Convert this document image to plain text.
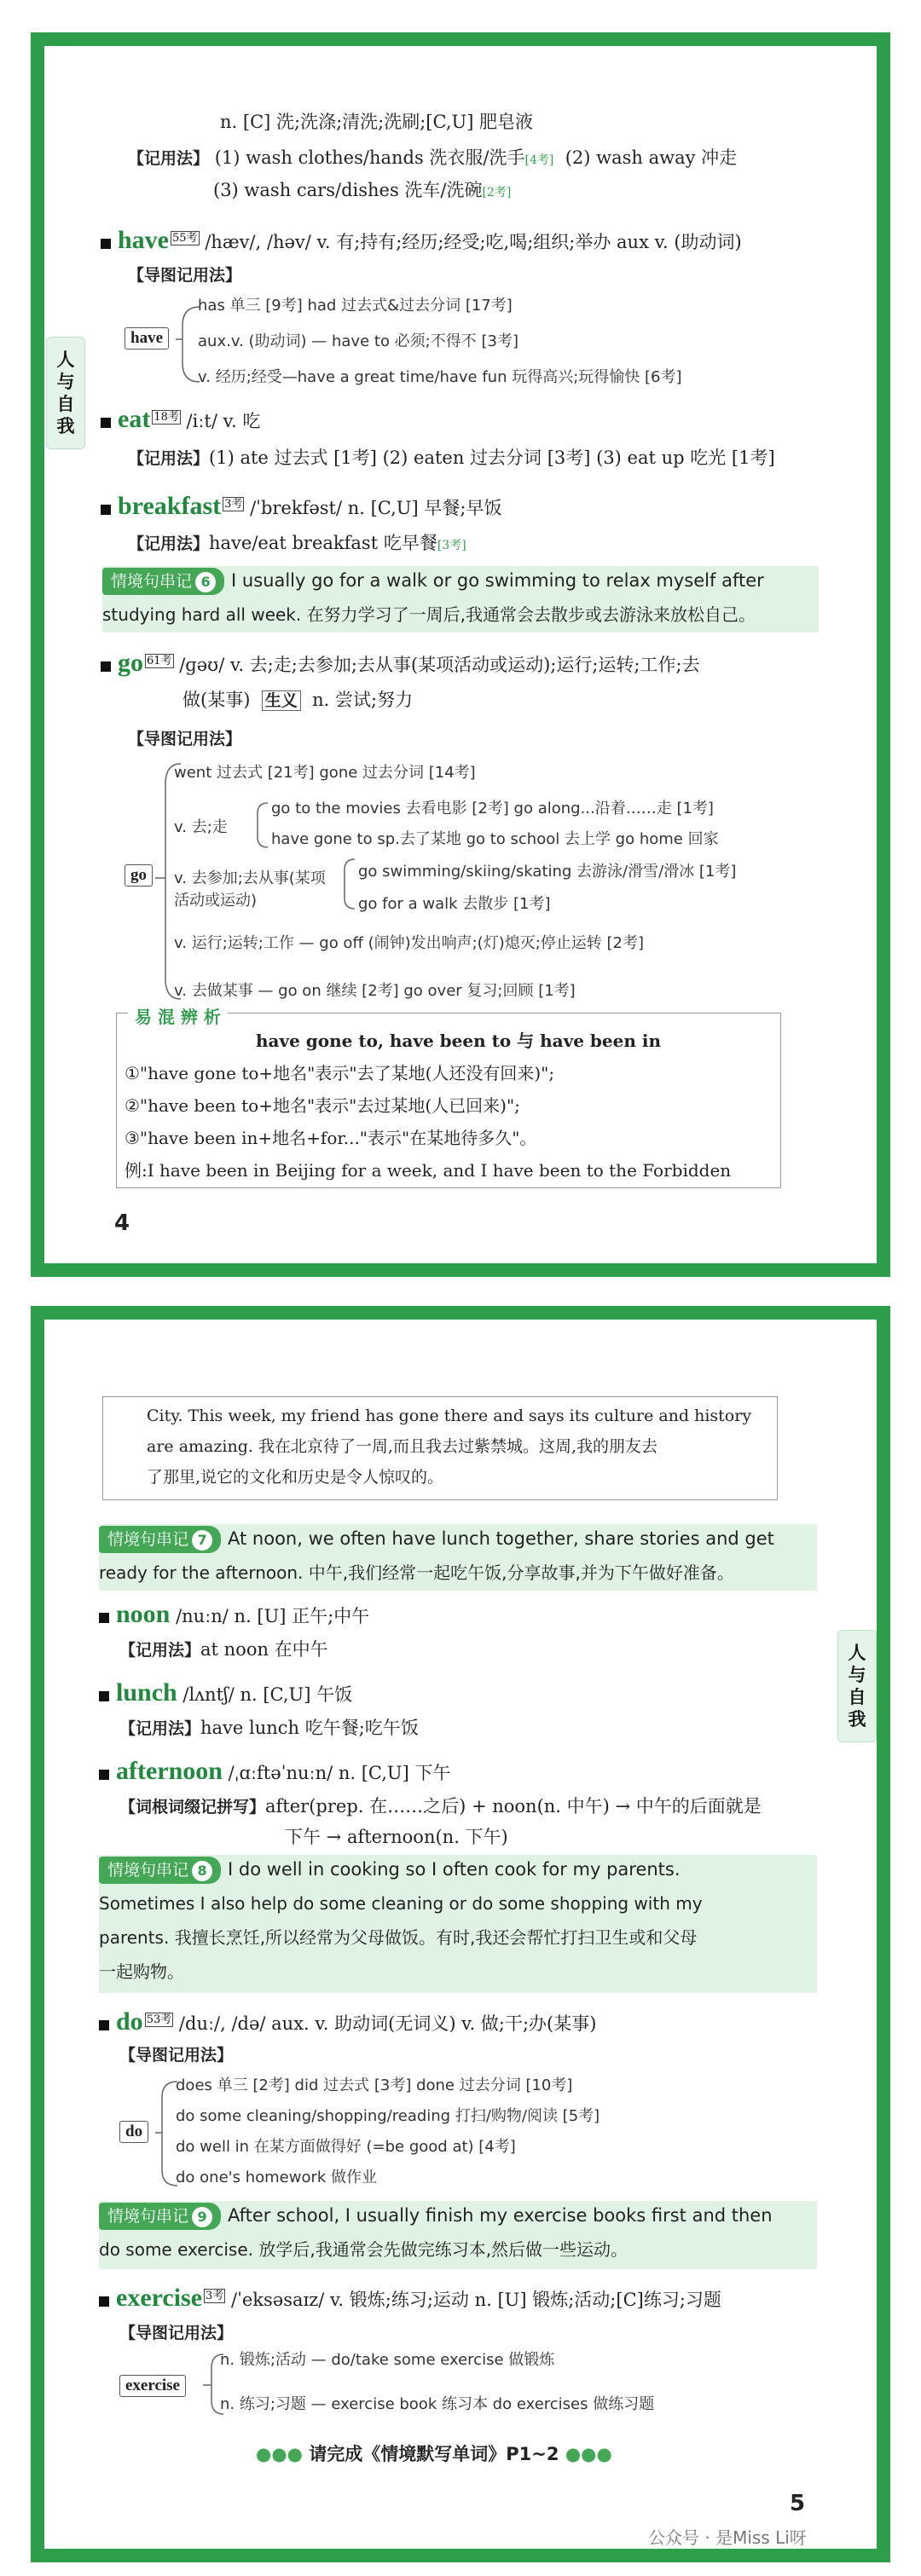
人
与
自
我
n. [C] 洗;洗涤;清洗;洗刷;[C,U] 肥皂液
【记用法】 (1) wash clothes/hands 洗衣服/洗手[4考] (2) wash away 冲走
(3) wash cars/dishes 洗车/洗碗[2考]
have $^{55考}$ /hæv/, /həv/ v. 有;持有;经历;经受;吃,喝;组织;举办 aux v. (助动词)
【导图记用法】
have
has 单三 [9考] had 过去式&过去分词 [17考]
aux.v. (助动词) — have to 必须;不得不 [3考]
v. 经历;经受—have a great time/have fun 玩得高兴;玩得愉快 [6考]
eat $^{18考}$ /iːt/ v. 吃
【记用法】(1) ate 过去式 [1考] (2) eaten 过去分词 [3考] (3) eat up 吃光 [1考]
breakfast $^{3考}$ /ˈbrekfəst/ n. [C,U] 早餐;早饭
【记用法】have/eat breakfast 吃早餐[3考]
情境句串记 6 I usually go for a walk or go swimming to relax myself after
studying hard all week. 在努力学习了一周后,我通常会去散步或去游泳来放松自己。
go $^{61考}$ /ɡəʊ/ v. 去;走;去参加;去从事(某项活动或运动);运行;运转;工作;去
做(某事) 生义 n. 尝试;努力
【导图记用法】
go
went 过去式 [21考] gone 过去分词 [14考]
v. 去;走
go to the movies 去看电影 [2考] go along...沿着……走 [1考]
have gone to sp.去了某地 go to school 去上学 go home 回家
v. 去参加;去从事(某项活动或运动)
go swimming/skiing/skating 去游泳/滑雪/滑冰 [1考]
go for a walk 去散步 [1考]
v. 运行;运转;工作 — go off (闹钟)发出响声;(灯)熄灭;停止运转 [2考]
v. 去做某事 — go on 继续 [2考] go over 复习;回顾 [1考]
易 混 辨 析
have gone to, have been to 与 have been in
①"have gone to+地名"表示"去了某地(人还没有回来)";
②"have been to+地名"表示"去过某地(人已回来)";
③"have been in+地名+for..."表示"在某地待多久"。
例:I have been in Beijing for a week, and I have been to the Forbidden
4
人
与
自
我
City. This week, my friend has gone there and says its culture and history
are amazing. 我在北京待了一周,而且我去过紫禁城。这周,我的朋友去
了那里,说它的文化和历史是令人惊叹的。
情境句串记 7 At noon, we often have lunch together, share stories and get
ready for the afternoon. 中午,我们经常一起吃午饭,分享故事,并为下午做好准备。
noon /nuːn/ n. [U] 正午;中午
【记用法】at noon 在中午
lunch /lʌntʃ/ n. [C,U] 午饭
【记用法】have lunch 吃午餐;吃午饭
afternoon /ˌɑːftəˈnuːn/ n. [C,U] 下午
【词根词缀记拼写】after(prep. 在……之后) + noon(n. 中午) → 中午的后面就是
下午 → afternoon(n. 下午)
情境句串记 8 I do well in cooking so I often cook for my parents.
Sometimes I also help do some cleaning or do some shopping with my
parents. 我擅长烹饪,所以经常为父母做饭。有时,我还会帮忙打扫卫生或和父母
一起购物。
do $^{53考}$ /duː/, /də/ aux. v. 助动词(无词义) v. 做;干;办(某事)
【导图记用法】
do
does 单三 [2考] did 过去式 [3考] done 过去分词 [10考]
do some cleaning/shopping/reading 打扫/购物/阅读 [5考]
do well in 在某方面做得好 (=be good at) [4考]
do one's homework 做作业
情境句串记 9 After school, I usually finish my exercise books first and then
do some exercise. 放学后,我通常会先做完练习本,然后做一些运动。
exercise $^{3考}$ /ˈeksəsaɪz/ v. 锻炼;练习;运动 n. [U] 锻炼;活动;[C]练习;习题
【导图记用法】
exercise
n. 锻炼;活动 — do/take some exercise 做锻炼
n. 练习;习题 — exercise book 练习本 do exercises 做练习题
●●● 请完成《情境默写单词》P1~2 ●●●
5
公众号 · 是Miss Li呀
